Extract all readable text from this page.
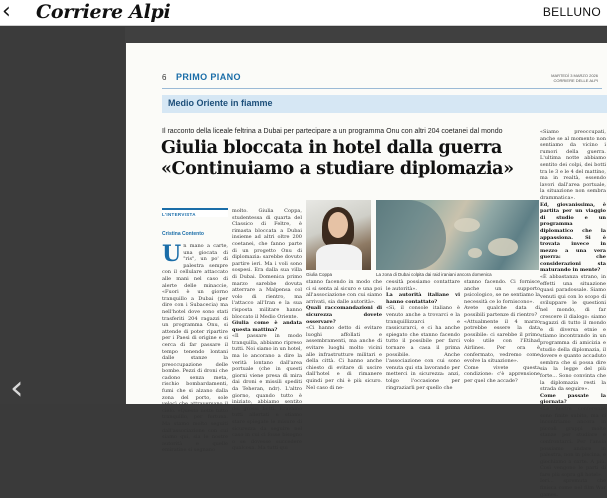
‹ Corriere Alpi	BELLUNO
‹
6 PRIMO PIANO	MARTEDÌ 3 MARZO 2026
CORRIERE DELLE ALPI
Medio Oriente in fiamme
Il racconto della liceale feltrina a Dubai per partecipare a un programma Onu con altri 204 coetanei dal mondo
Giulia bloccata in hotel dalla guerra
«Continuiamo a studiare diplomazia»
L'INTERVISTA
Cristina Contento
U n mano a carte, una giocata di "ris", un po' di palestra sempre con il cellulare attaccato alle mani nel caso di alerte delle minaccie, «Fuori è un giorno tranquillo a Dubai (per dire con i Subacecia) ma nell'hotel dove sono stati trasferiti 204 ragazzi di un programma Onu, si attende di poter ripartire per i Paesi di origine e si cerca di far passare il tempo tenendo lontani dalle stanze la preoccupazione delle bombe. Pezzi di droni che cadono senza meta, rischio bombardamenti, fumi che si alzano dalla zona del porto, sole velocì che attraversano il cielo. «Questo notte tutto tranquillo, per fortuna. Ma stamo molto seguiti dall'associazione con cui siamo qui, sia le nostre autorità e quelle emiratine si segnano

molto. Giulia Coppa, studentessa di quarta del Classico di Feltre, è rimasta bloccata a Dubai insieme ad altri oltre 200 coetanei, che fanno parte di un progetto Onu di diplomazia: sarebbe dovuto partire ieri. Ma i voli sono sospesi. Era dalla sua villa di Dubai. Domenica primo marzo sarebbe dovuta atterrare a Malpensa col volo di rientro, ma l'attacco all'Iran e la sua risposta militare hanno bloccato il Medio Oriente.

Giulia come è andata questa mattina?

«Il passare in modo tranquilla, abbiamo ripreso tutti. Noi siamo in un hotel, ma lo ancorano a dire la verità lontano dall'area portuale (che in questi giorni viene presa di mira dai droni e missili spediti da Teheran, ndr). L'altro giorno, quando tutto è iniziato, abbiamo sentito dei grossi botti. Eravamo tutti allertati e stiamo stare spiegate le misure di sicurezza da seguire nel caso in cui ci fosse bisogno o se dovesse succedere qualcosa. Ma tutti qui

Giulia Coppa	La zona di Dubai colpita dai raid iraniani ancora domenica

stanno facendo in modo che ci si senta al sicuro e una poi all'associazione con cui siamo arrivati, sia dalle autorità».

Quali raccomandazioni di sicurezza dovete osservare?

«Ci hanno detto di evitare luoghi affollati e assembramenti, ma anche di evitare luoghi molto vicini alle infrastrutture militari e della città. Ci hanno anche chiesto di evitare di uscire dall'hotel e di rimanere quindi per chi è più sicuro. Nel caso di ne-

cessità possiamo contattare le autorità».

La autorità italiane vi hanno contattato?

«Sì, il console italiano è venuto anche a trovarci e la tranquillizzarci e rassicurarci, e ci ha anche spiegato che stanno facendo tutto il possibile per farci tornare a casa il prima possibile. Anche l'associazione con cui sono venuta qui sta lavorando per metterci in sicurezza: anzi, tolgo l'occasione per ringraziarli per quello che

stanno facendo. Ci fornisce anche un supporto psicologico, se ne sentiamo la necessità ce lo forniscono».

Avete qualche data di possibili partenze di rientro?

«Attualmente il 4 marzo potrebbe essere la data possibile: ci sarebbe il primo volo utile con l'Etihad Airlines. Per ora è confermato, vedremo come evolve la situazione».

Come vivete questa condizione: c'è apprensione per quel che accade?

«Siamo preoccupati, anche se al momento non sentiamo da vicino i rumori della guerra. L'ultima notte abbiamo sentito dei colpi, dei botti tra le 3 e le 4 del mattino, ma in realtà, essendo lavori dall'area portuale, la situazione non sembra drammatica».

Ed, giovanissima, è partita per un viaggio di studio e un programma diplomatico che la appassiona. Si è trovata invece in mezzo a una vera guerra: che considerazioni sta maturando in mente?

«È abbastanza strano, in effetti una situazione quasi paradossale. Siamo venuti qui con lo scopo di sviluppare le questioni nel mondo, di far crescere il dialogo: siamo ragazzi di tutto il mondo e di diversa etnie e stiamo incontrando in un programma di amicizia e studio della diplomazia, il dovere e quanto accaduto sembra che si possa dire sia la legge del più forte... Sono convinta che la diplomazia resti la strada da seguire».

Come passate la giornata?

«Le nostre conferenze sono finite subito, ma ci incontriamo ancora in piccoli gruppi molte stanze per studiare e confrontarci. Per l'ansia possiamo andare in palestra, non in piscina, e giochiamo a carte. A più. Così vengono le parti di fare più sopra gli hotel».

Ieri... spremuta che finisca come nel film War games.
